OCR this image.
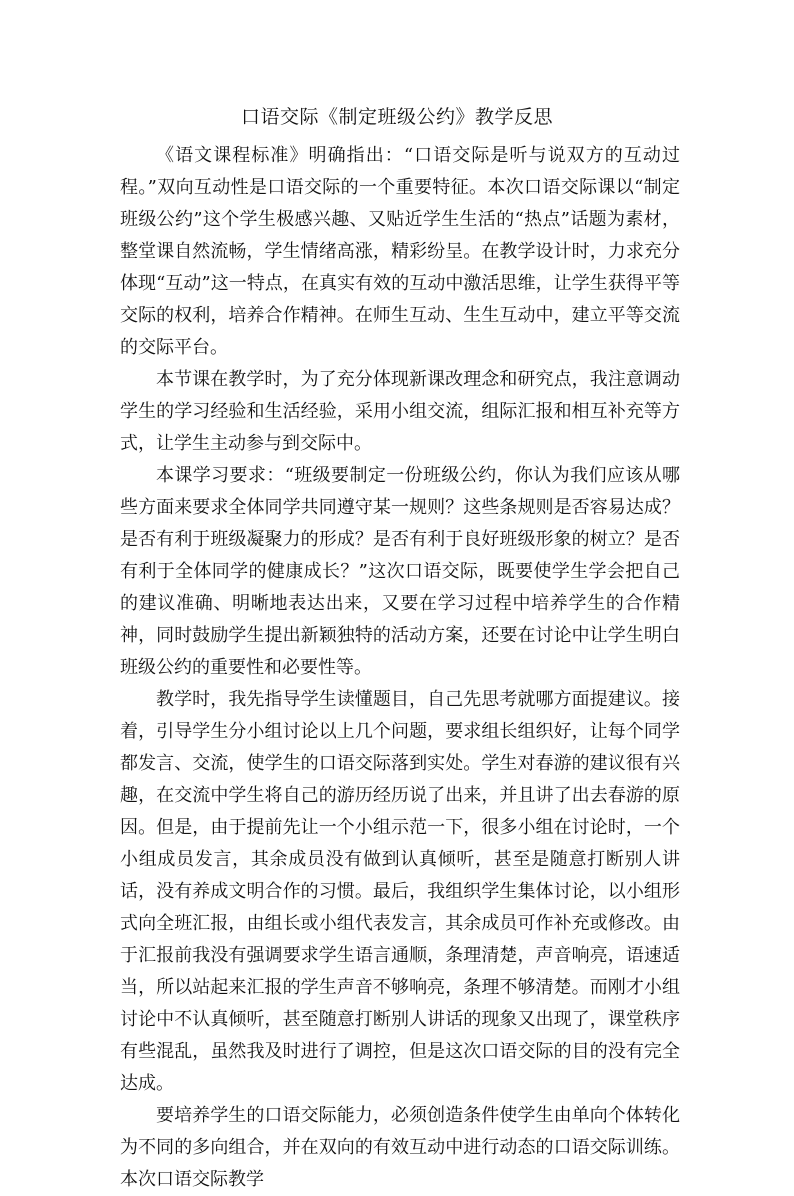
口语交际《制定班级公约》教学反思

《语文课程标准》明确指出：“口语交际是听与说双方的互动过程。”双向互动性是口语交际的一个重要特征。本次口语交际课以“制定班级公约”这个学生极感兴趣、又贴近学生生活的“热点”话题为素材，整堂课自然流畅，学生情绪高涨，精彩纷呈。在教学设计时，力求充分体现“互动”这一特点，在真实有效的互动中激活思维，让学生获得平等交际的权利，培养合作精神。在师生互动、生生互动中，建立平等交流的交际平台。

本节课在教学时，为了充分体现新课改理念和研究点，我注意调动学生的学习经验和生活经验，采用小组交流，组际汇报和相互补充等方式，让学生主动参与到交际中。

本课学习要求：“班级要制定一份班级公约，你认为我们应该从哪些方面来要求全体同学共同遵守某一规则？这些条规则是否容易达成？是否有利于班级凝聚力的形成？是否有利于良好班级形象的树立？是否有利于全体同学的健康成长？”这次口语交际，既要使学生学会把自己的建议准确、明晰地表达出来，又要在学习过程中培养学生的合作精神，同时鼓励学生提出新颖独特的活动方案，还要在讨论中让学生明白班级公约的重要性和必要性等。

教学时，我先指导学生读懂题目，自己先思考就哪方面提建议。接着，引导学生分小组讨论以上几个问题，要求组长组织好，让每个同学都发言、交流，使学生的口语交际落到实处。学生对春游的建议很有兴趣，在交流中学生将自己的游历经历说了出来，并且讲了出去春游的原因。但是，由于提前先让一个小组示范一下，很多小组在讨论时，一个小组成员发言，其余成员没有做到认真倾听，甚至是随意打断别人讲话，没有养成文明合作的习惯。最后，我组织学生集体讨论，以小组形式向全班汇报，由组长或小组代表发言，其余成员可作补充或修改。由于汇报前我没有强调要求学生语言通顺，条理清楚，声音响亮，语速适当，所以站起来汇报的学生声音不够响亮，条理不够清楚。而刚才小组讨论中不认真倾听，甚至随意打断别人讲话的现象又出现了，课堂秩序有些混乱，虽然我及时进行了调控，但是这次口语交际的目的没有完全达成。

要培养学生的口语交际能力，必须创造条件使学生由单向个体转化为不同的多向组合，并在双向的有效互动中进行动态的口语交际训练。本次口语交际教学
